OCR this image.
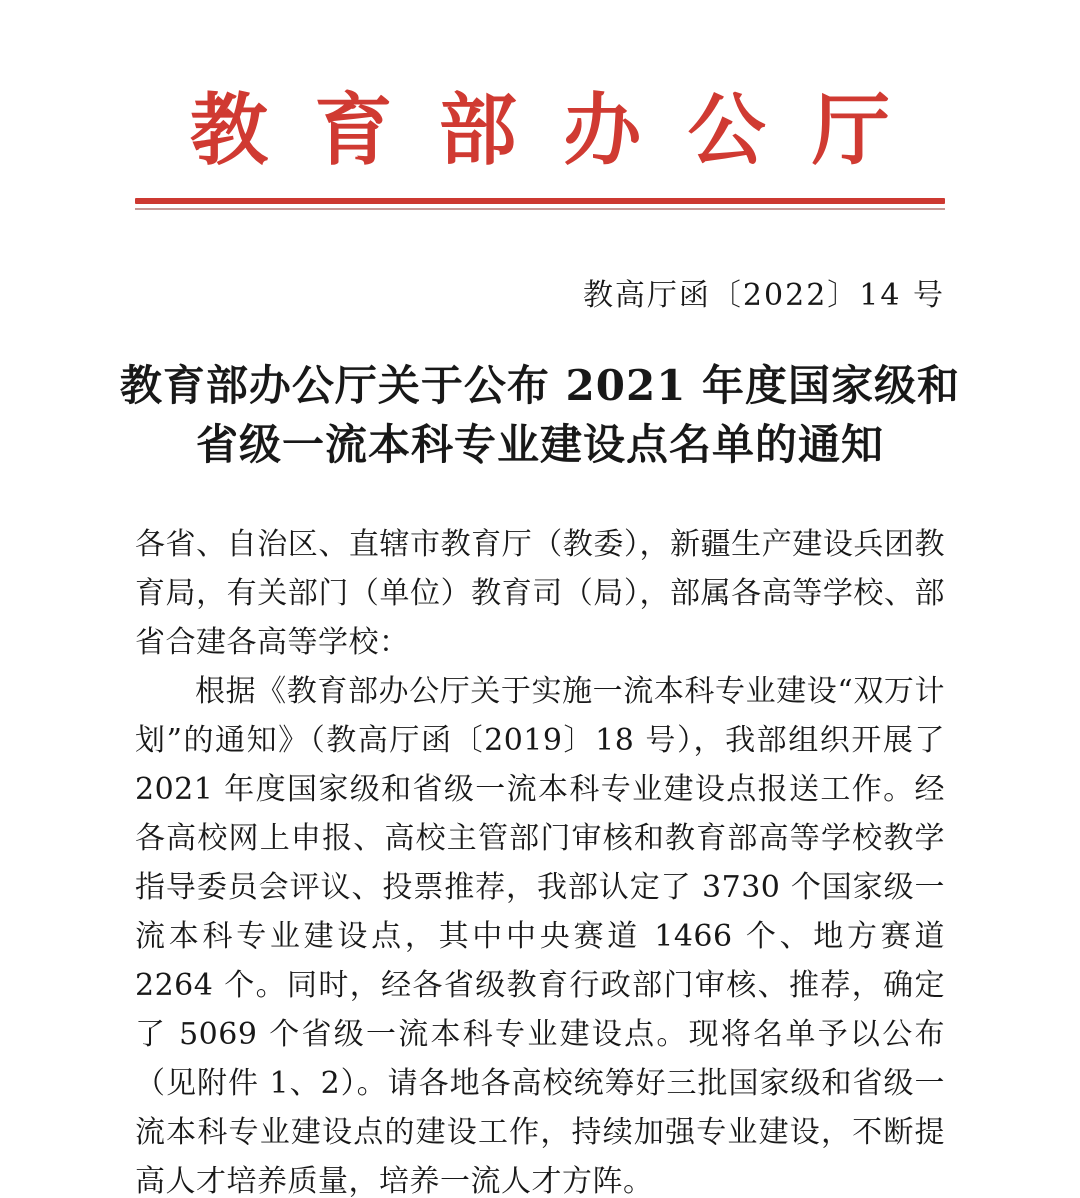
教育部办公厅
教高厅函〔2022〕14 号
教育部办公厅关于公布 2021 年度国家级和
省级一流本科专业建设点名单的通知

各省、自治区、直辖市教育厅（教委），新疆生产建设兵团教育局，有关部门（单位）教育司（局），部属各高等学校、部省合建各高等学校：

根据《教育部办公厅关于实施一流本科专业建设“双万计划”的通知》（教高厅函〔2019〕18 号），我部组织开展了 2021 年度国家级和省级一流本科专业建设点报送工作。经各高校网上申报、高校主管部门审核和教育部高等学校教学指导委员会评议、投票推荐，我部认定了 3730 个国家级一流本科专业建设点，其中中央赛道 1466 个、地方赛道 2264 个。同时，经各省级教育行政部门审核、推荐，确定了 5069 个省级一流本科专业建设点。现将名单予以公布（见附件 1、2）。请各地各高校统筹好三批国家级和省级一流本科专业建设点的建设工作，持续加强专业建设，不断提高人才培养质量，培养一流人才方阵。
